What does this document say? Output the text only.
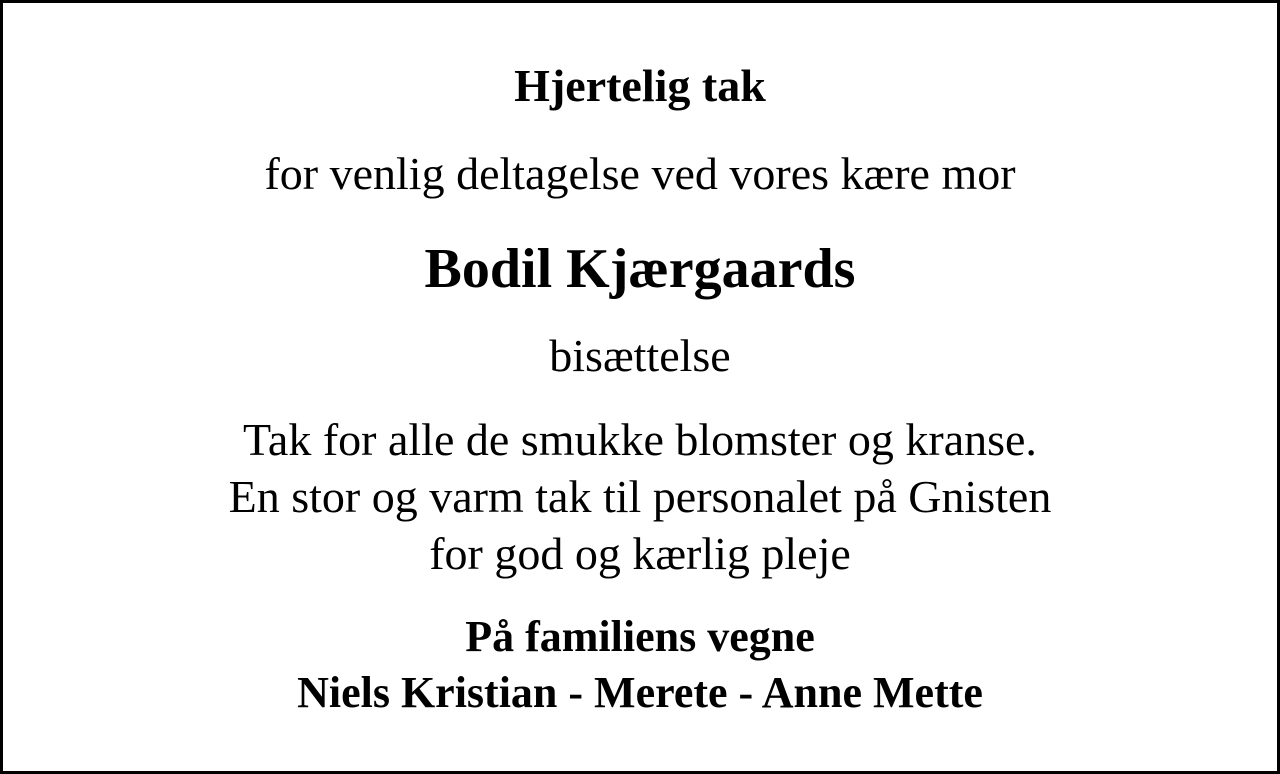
Hjertelig tak
for venlig deltagelse ved vores kære mor
Bodil Kjærgaards
bisættelse
Tak for alle de smukke blomster og kranse.
En stor og varm tak til personalet på Gnisten
for god og kærlig pleje
På familiens vegne
Niels Kristian - Merete - Anne Mette
